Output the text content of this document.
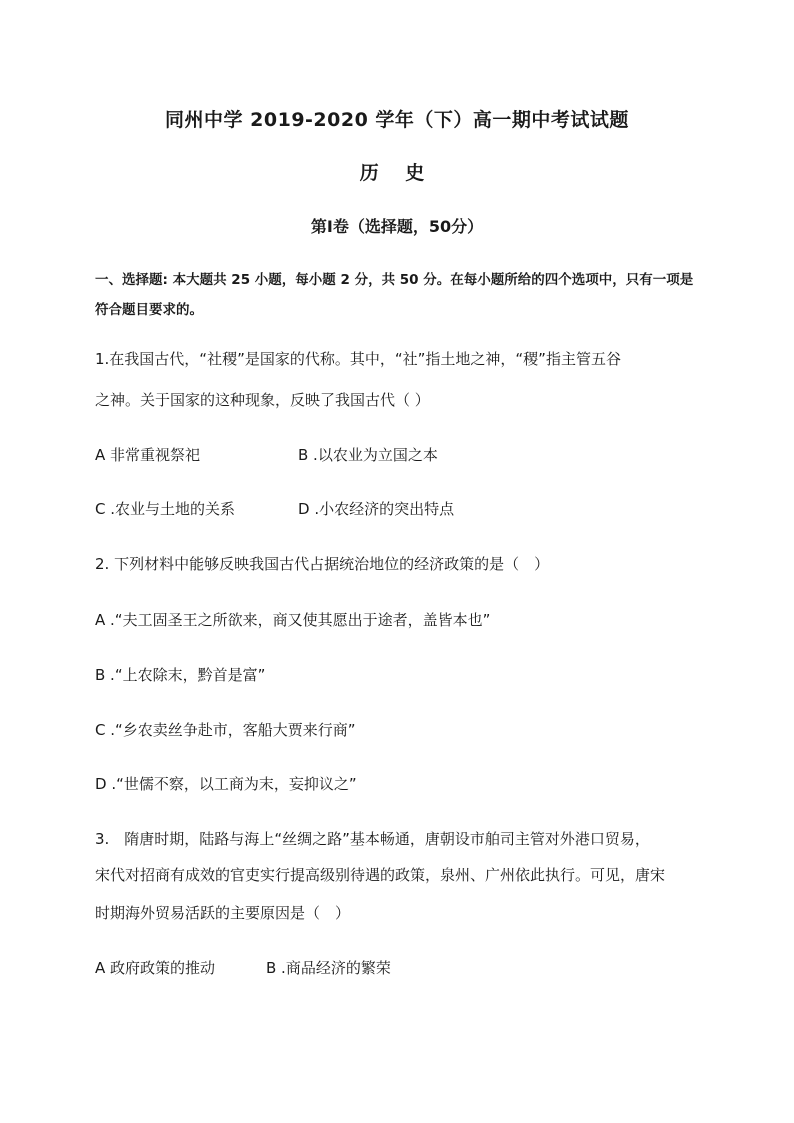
同州中学 2019-2020 学年（下）高一期中考试试题
历 史
第Ⅰ卷（选择题，50分）
一、选择题: 本大题共 25 小题，每小题 2 分，共 50 分。在每小题所给的四个选项中，只有一项是
符合题目要求的。
1.在我国古代，“社稷”是国家的代称。其中，“社”指土地之神，“稷”指主管五谷
之神。关于国家的这种现象，反映了我国古代（ ）
A 非常重视祭祀	B .以农业为立国之本
C .农业与土地的关系	D .小农经济的突出特点
2. 下列材料中能够反映我国古代占据统治地位的经济政策的是（　）
A .“夫工固圣王之所欲来，商又使其愿出于途者，盖皆本也”
B .“上农除末，黔首是富”
C .“乡农卖丝争赴市，客船大贾来行商”
D .“世儒不察，以工商为末，妄抑议之”
3.　隋唐时期，陆路与海上“丝绸之路”基本畅通，唐朝设市舶司主管对外港口贸易，
宋代对招商有成效的官吏实行提高级别待遇的政策，泉州、广州依此执行。可见，唐宋
时期海外贸易活跃的主要原因是（　）
A 政府政策的推动	B .商品经济的繁荣
